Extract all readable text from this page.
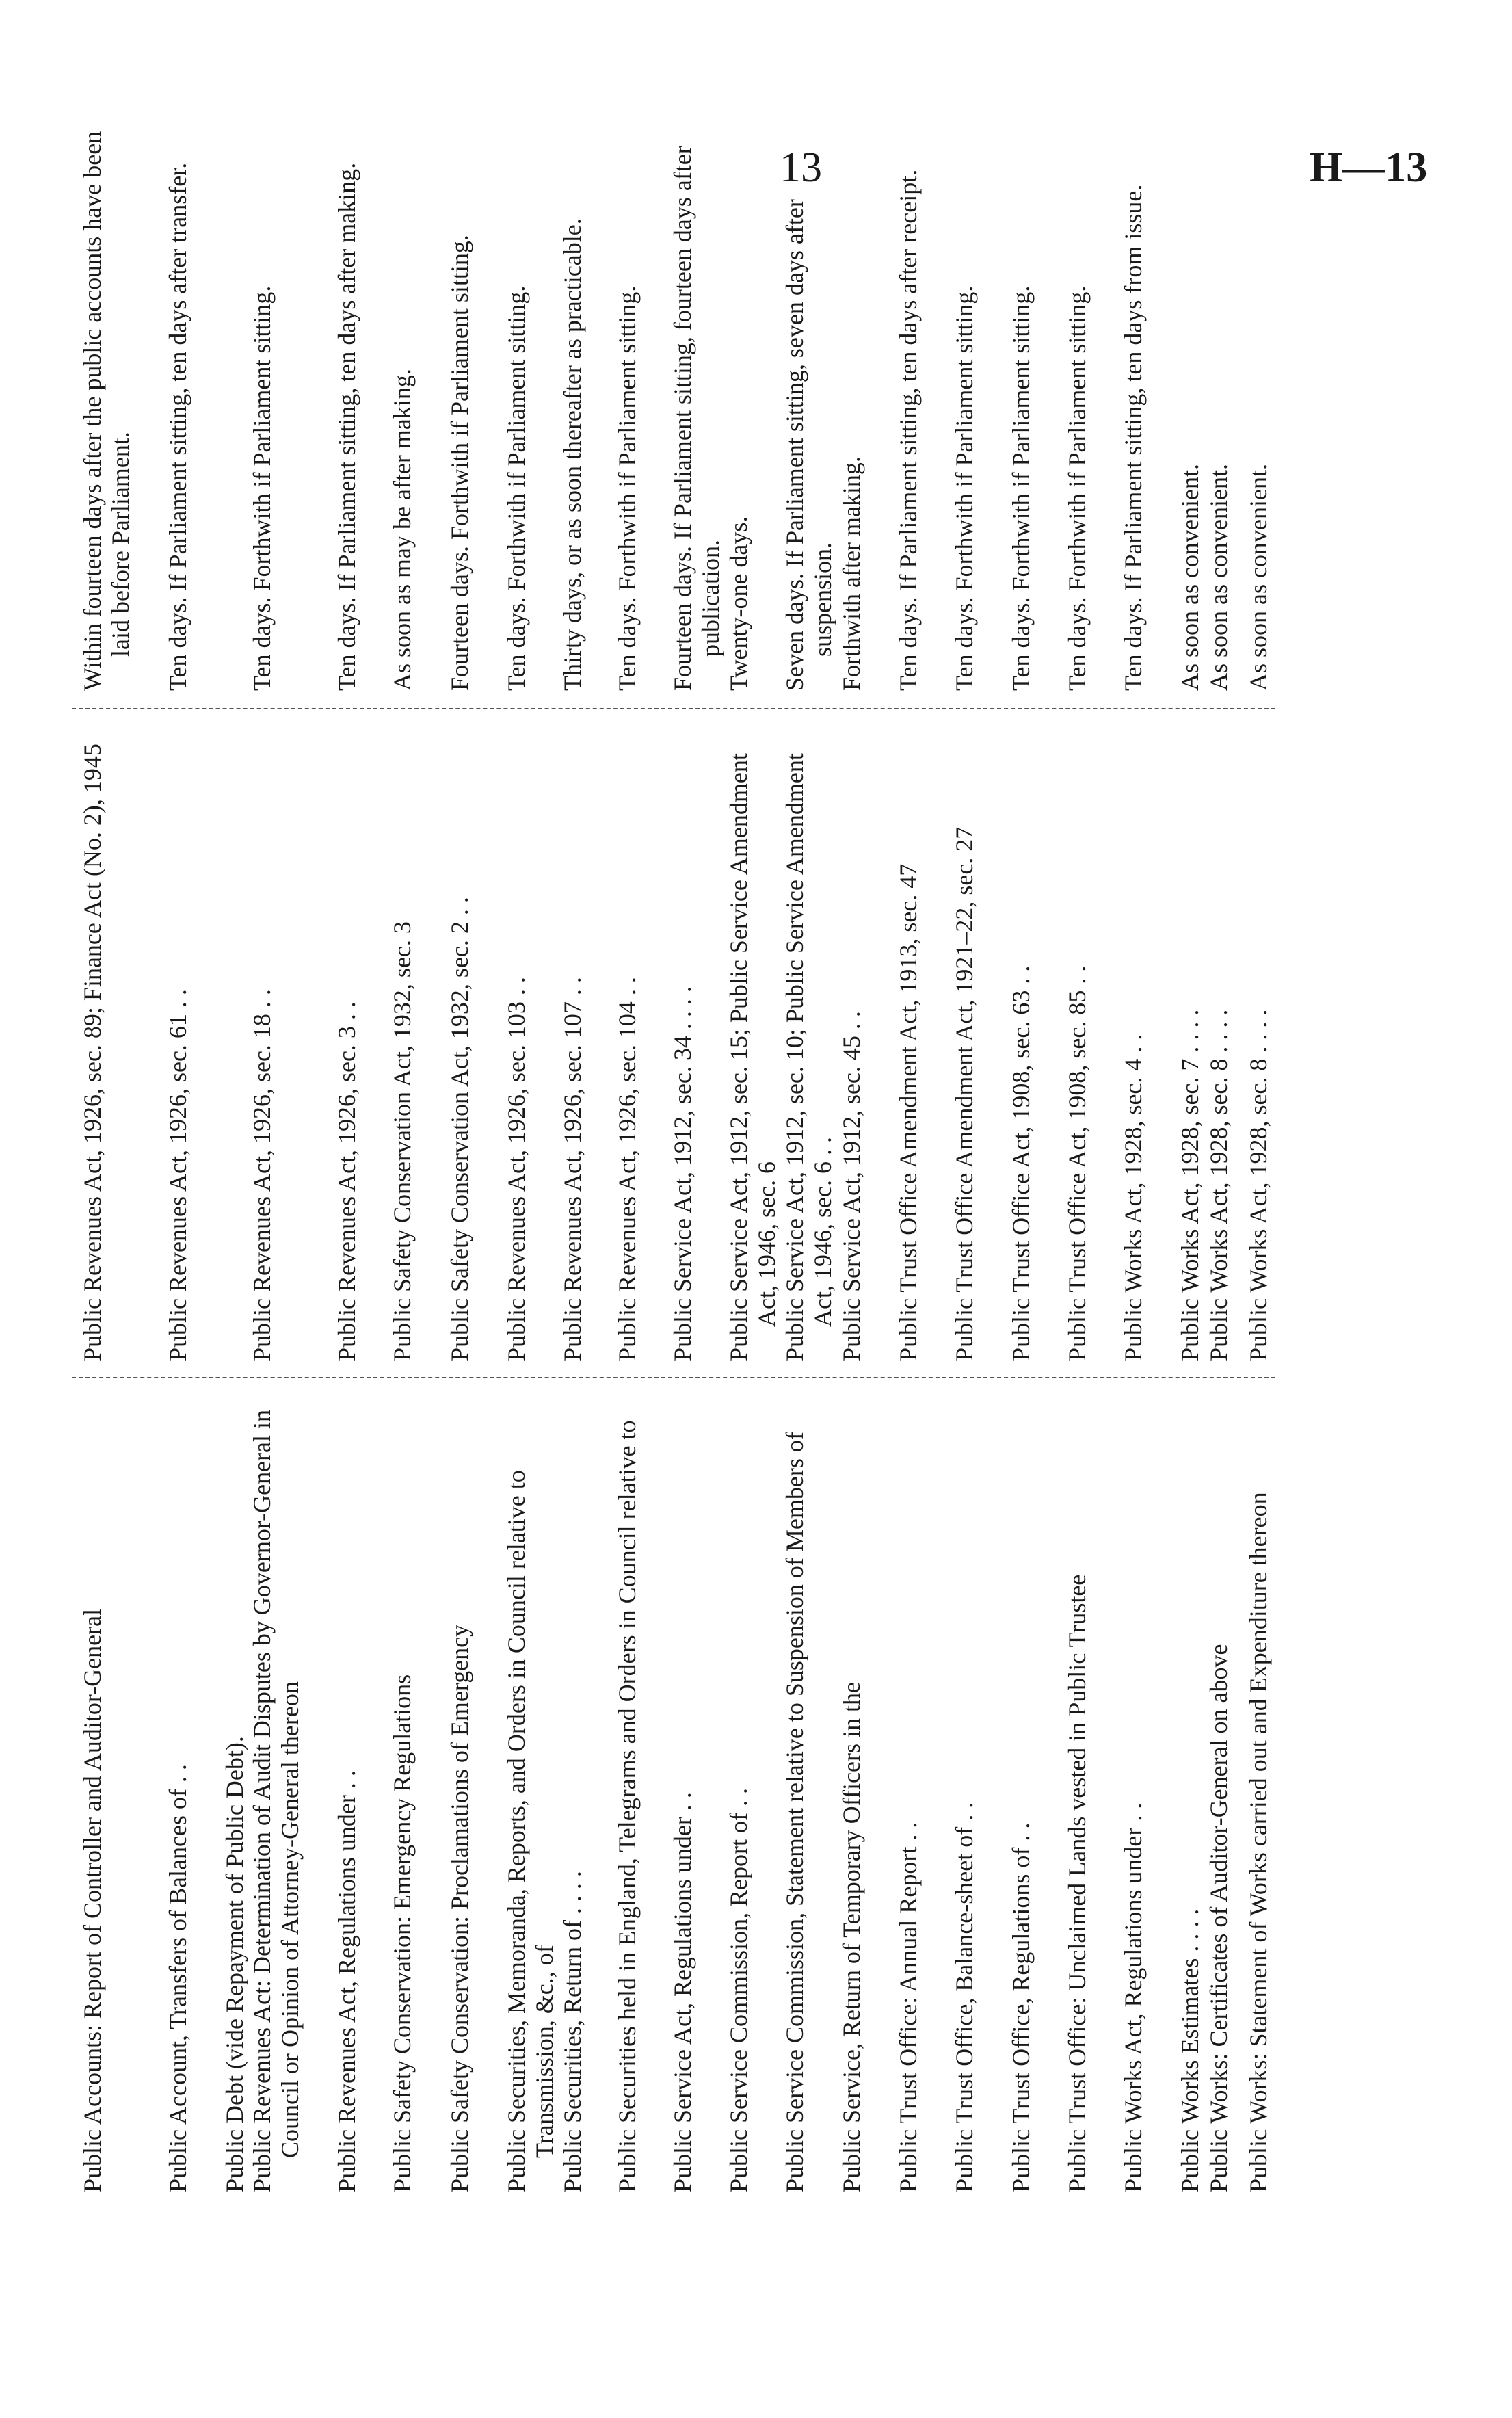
13	H—13
Public Accounts: Report of Controller and Auditor-General
Public Revenues Act, 1926, sec. 89; Finance Act (No. 2), 1945
Within fourteen days after the public accounts have been laid before Parliament.
Public Account, Transfers of Balances of . .
Public Revenues Act, 1926, sec. 61 . .
Ten days. If Parliament sitting, ten days after transfer.
Public Debt (vide Repayment of Public Debt). Public Revenues Act: Determination of Audit Disputes by Governor-General in Council or Opinion of Attorney-General thereon
Public Revenues Act, 1926, sec. 18 . .
Ten days. Forthwith if Parliament sitting.
Public Revenues Act, Regulations under . .
Public Revenues Act, 1926, sec. 3 . .
Ten days. If Parliament sitting, ten days after making.
Public Safety Conservation: Emergency Regulations
Public Safety Conservation Act, 1932, sec. 3
As soon as may be after making.
Public Safety Conservation: Proclamations of Emergency
Public Safety Conservation Act, 1932, sec. 2 . .
Fourteen days. Forthwith if Parliament sitting.
Public Securities, Memoranda, Reports, and Orders in Council relative to Transmission, &c., of
Public Revenues Act, 1926, sec. 103 . .
Ten days. Forthwith if Parliament sitting.
Public Securities, Return of . . . .
Public Revenues Act, 1926, sec. 107 . .
Thirty days, or as soon thereafter as practicable.
Public Securities held in England, Telegrams and Orders in Council relative to
Public Revenues Act, 1926, sec. 104 . .
Ten days. Forthwith if Parliament sitting.
Public Service Act, Regulations under . .
Public Service Act, 1912, sec. 34 . . . .
Fourteen days. If Parliament sitting, fourteen days after publication.
Public Service Commission, Report of . .
Public Service Act, 1912, sec. 15; Public Service Amendment Act, 1946, sec. 6
Twenty-one days.
Public Service Commission, Statement relative to Suspension of Members of
Public Service Act, 1912, sec. 10; Public Service Amendment Act, 1946, sec. 6 . .
Seven days. If Parliament sitting, seven days after suspension.
Public Service, Return of Temporary Officers in the
Public Service Act, 1912, sec. 45 . .
Forthwith after making.
Public Trust Office: Annual Report . .
Public Trust Office Amendment Act, 1913, sec. 47
Ten days. If Parliament sitting, ten days after receipt.
Public Trust Office, Balance-sheet of . .
Public Trust Office Amendment Act, 1921–22, sec. 27
Ten days. Forthwith if Parliament sitting.
Public Trust Office, Regulations of . .
Public Trust Office Act, 1908, sec. 63 . .
Ten days. Forthwith if Parliament sitting.
Public Trust Office: Unclaimed Lands vested in Public Trustee
Public Trust Office Act, 1908, sec. 85 . .
Ten days. Forthwith if Parliament sitting.
Public Works Act, Regulations under . .
Public Works Act, 1928, sec. 4 . .
Ten days. If Parliament sitting, ten days from issue.
Public Works Estimates . . . .
Public Works Act, 1928, sec. 7 . . . .
As soon as convenient.
Public Works: Certificates of Auditor-General on above
Public Works Act, 1928, sec. 8 . . . .
As soon as convenient.
Public Works: Statement of Works carried out and Expenditure thereon
Public Works Act, 1928, sec. 8 . . . .
As soon as convenient.
